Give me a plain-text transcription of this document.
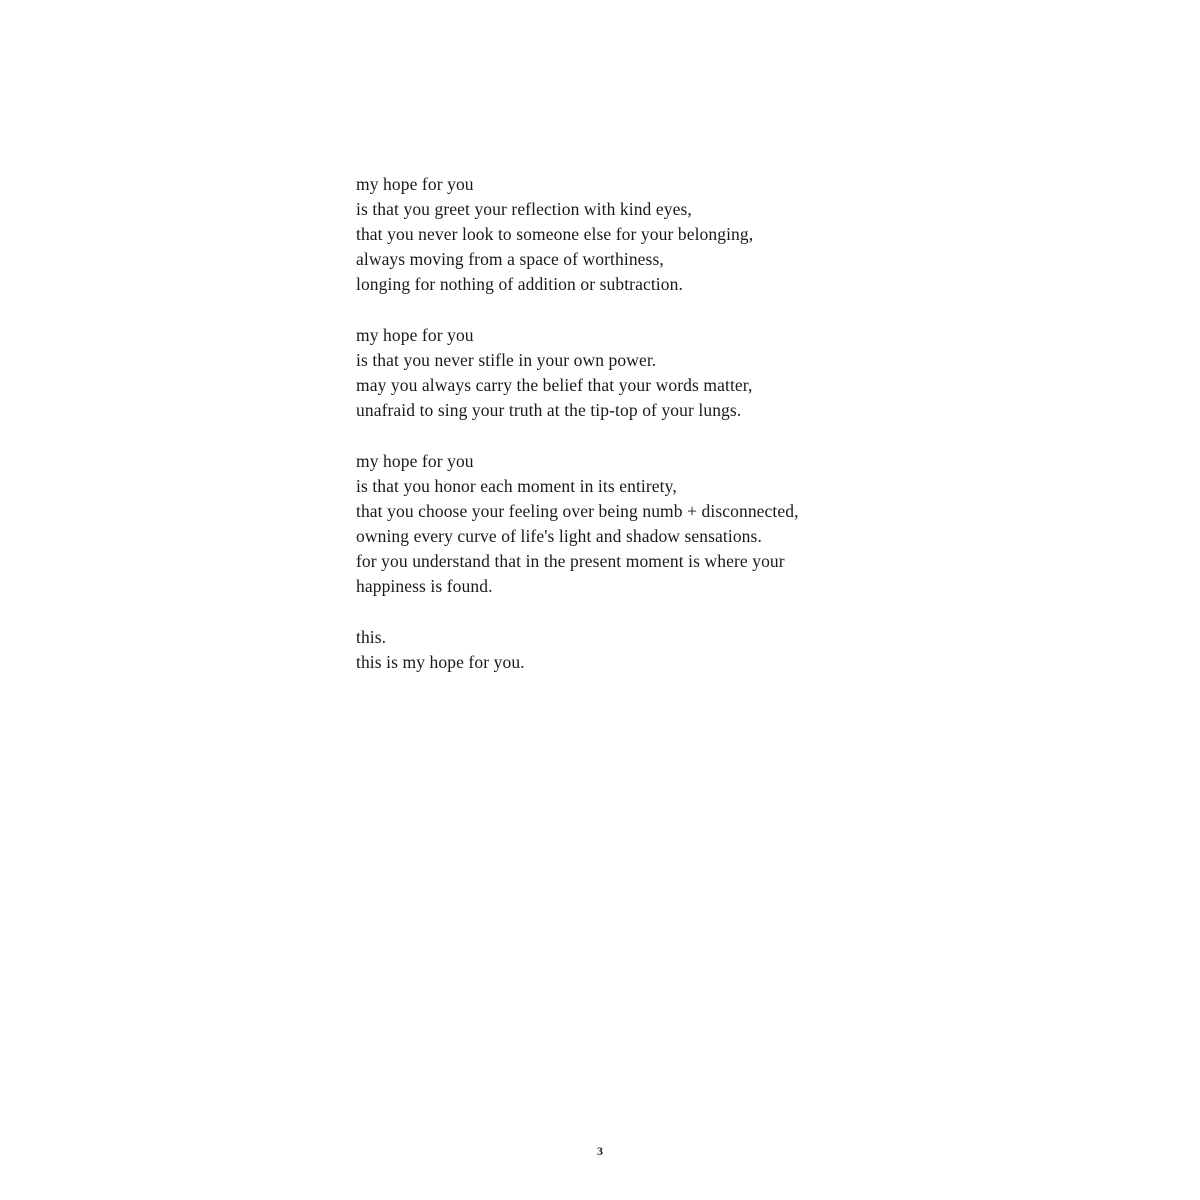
my hope for you
is that you greet your reflection with kind eyes,
that you never look to someone else for your belonging,
always moving from a space of worthiness,
longing for nothing of addition or subtraction.
my hope for you
is that you never stifle in your own power.
may you always carry the belief that your words matter,
unafraid to sing your truth at the tip-top of your lungs.
my hope for you
is that you honor each moment in its entirety,
that you choose your feeling over being numb + disconnected,
owning every curve of life's light and shadow sensations.
for you understand that in the present moment is where your
happiness is found.
this.
this is my hope for you.
3
